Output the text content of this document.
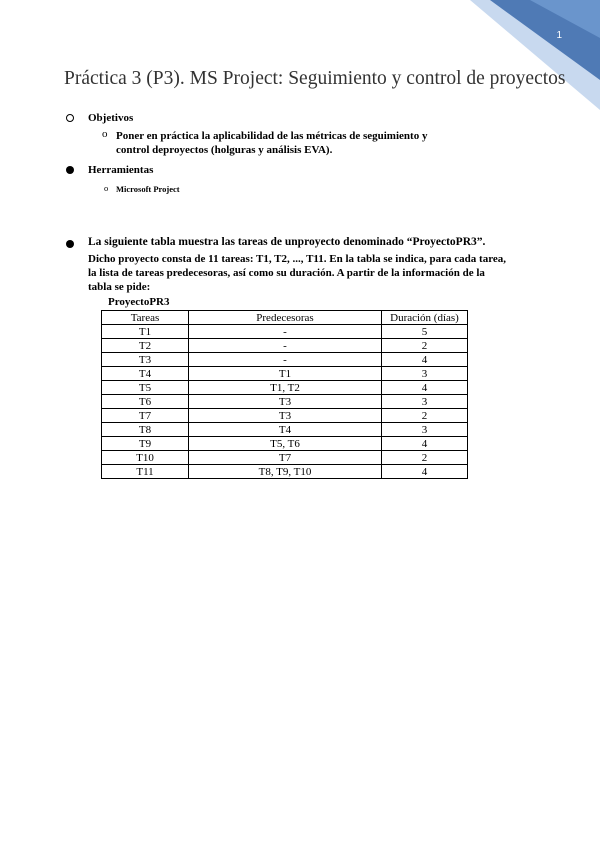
1
Práctica 3 (P3). MS Project: Seguimiento y control de proyectos
Objetivos
o Poner en práctica la aplicabilidad de las métricas de seguimiento y
control deproyectos (holguras y análisis EVA).
Herramientas
o Microsoft Project
La siguiente tabla muestra las tareas de unproyecto denominado “ProyectoPR3”.
Dicho proyecto consta de 11 tareas: T1, T2, ..., T11. En la tabla se indica, para cada tarea, la lista de tareas predecesoras, así como su duración. A partir de la información de la tabla se pide:
ProyectoPR3
Tareas	Predecesoras	Duración (días)
T1	-	5
T2	-	2
T3	-	4
T4	T1	3
T5	T1, T2	4
T6	T3	3
T7	T3	2
T8	T4	3
T9	T5, T6	4
T10	T7	2
T11	T8, T9, T10	4
